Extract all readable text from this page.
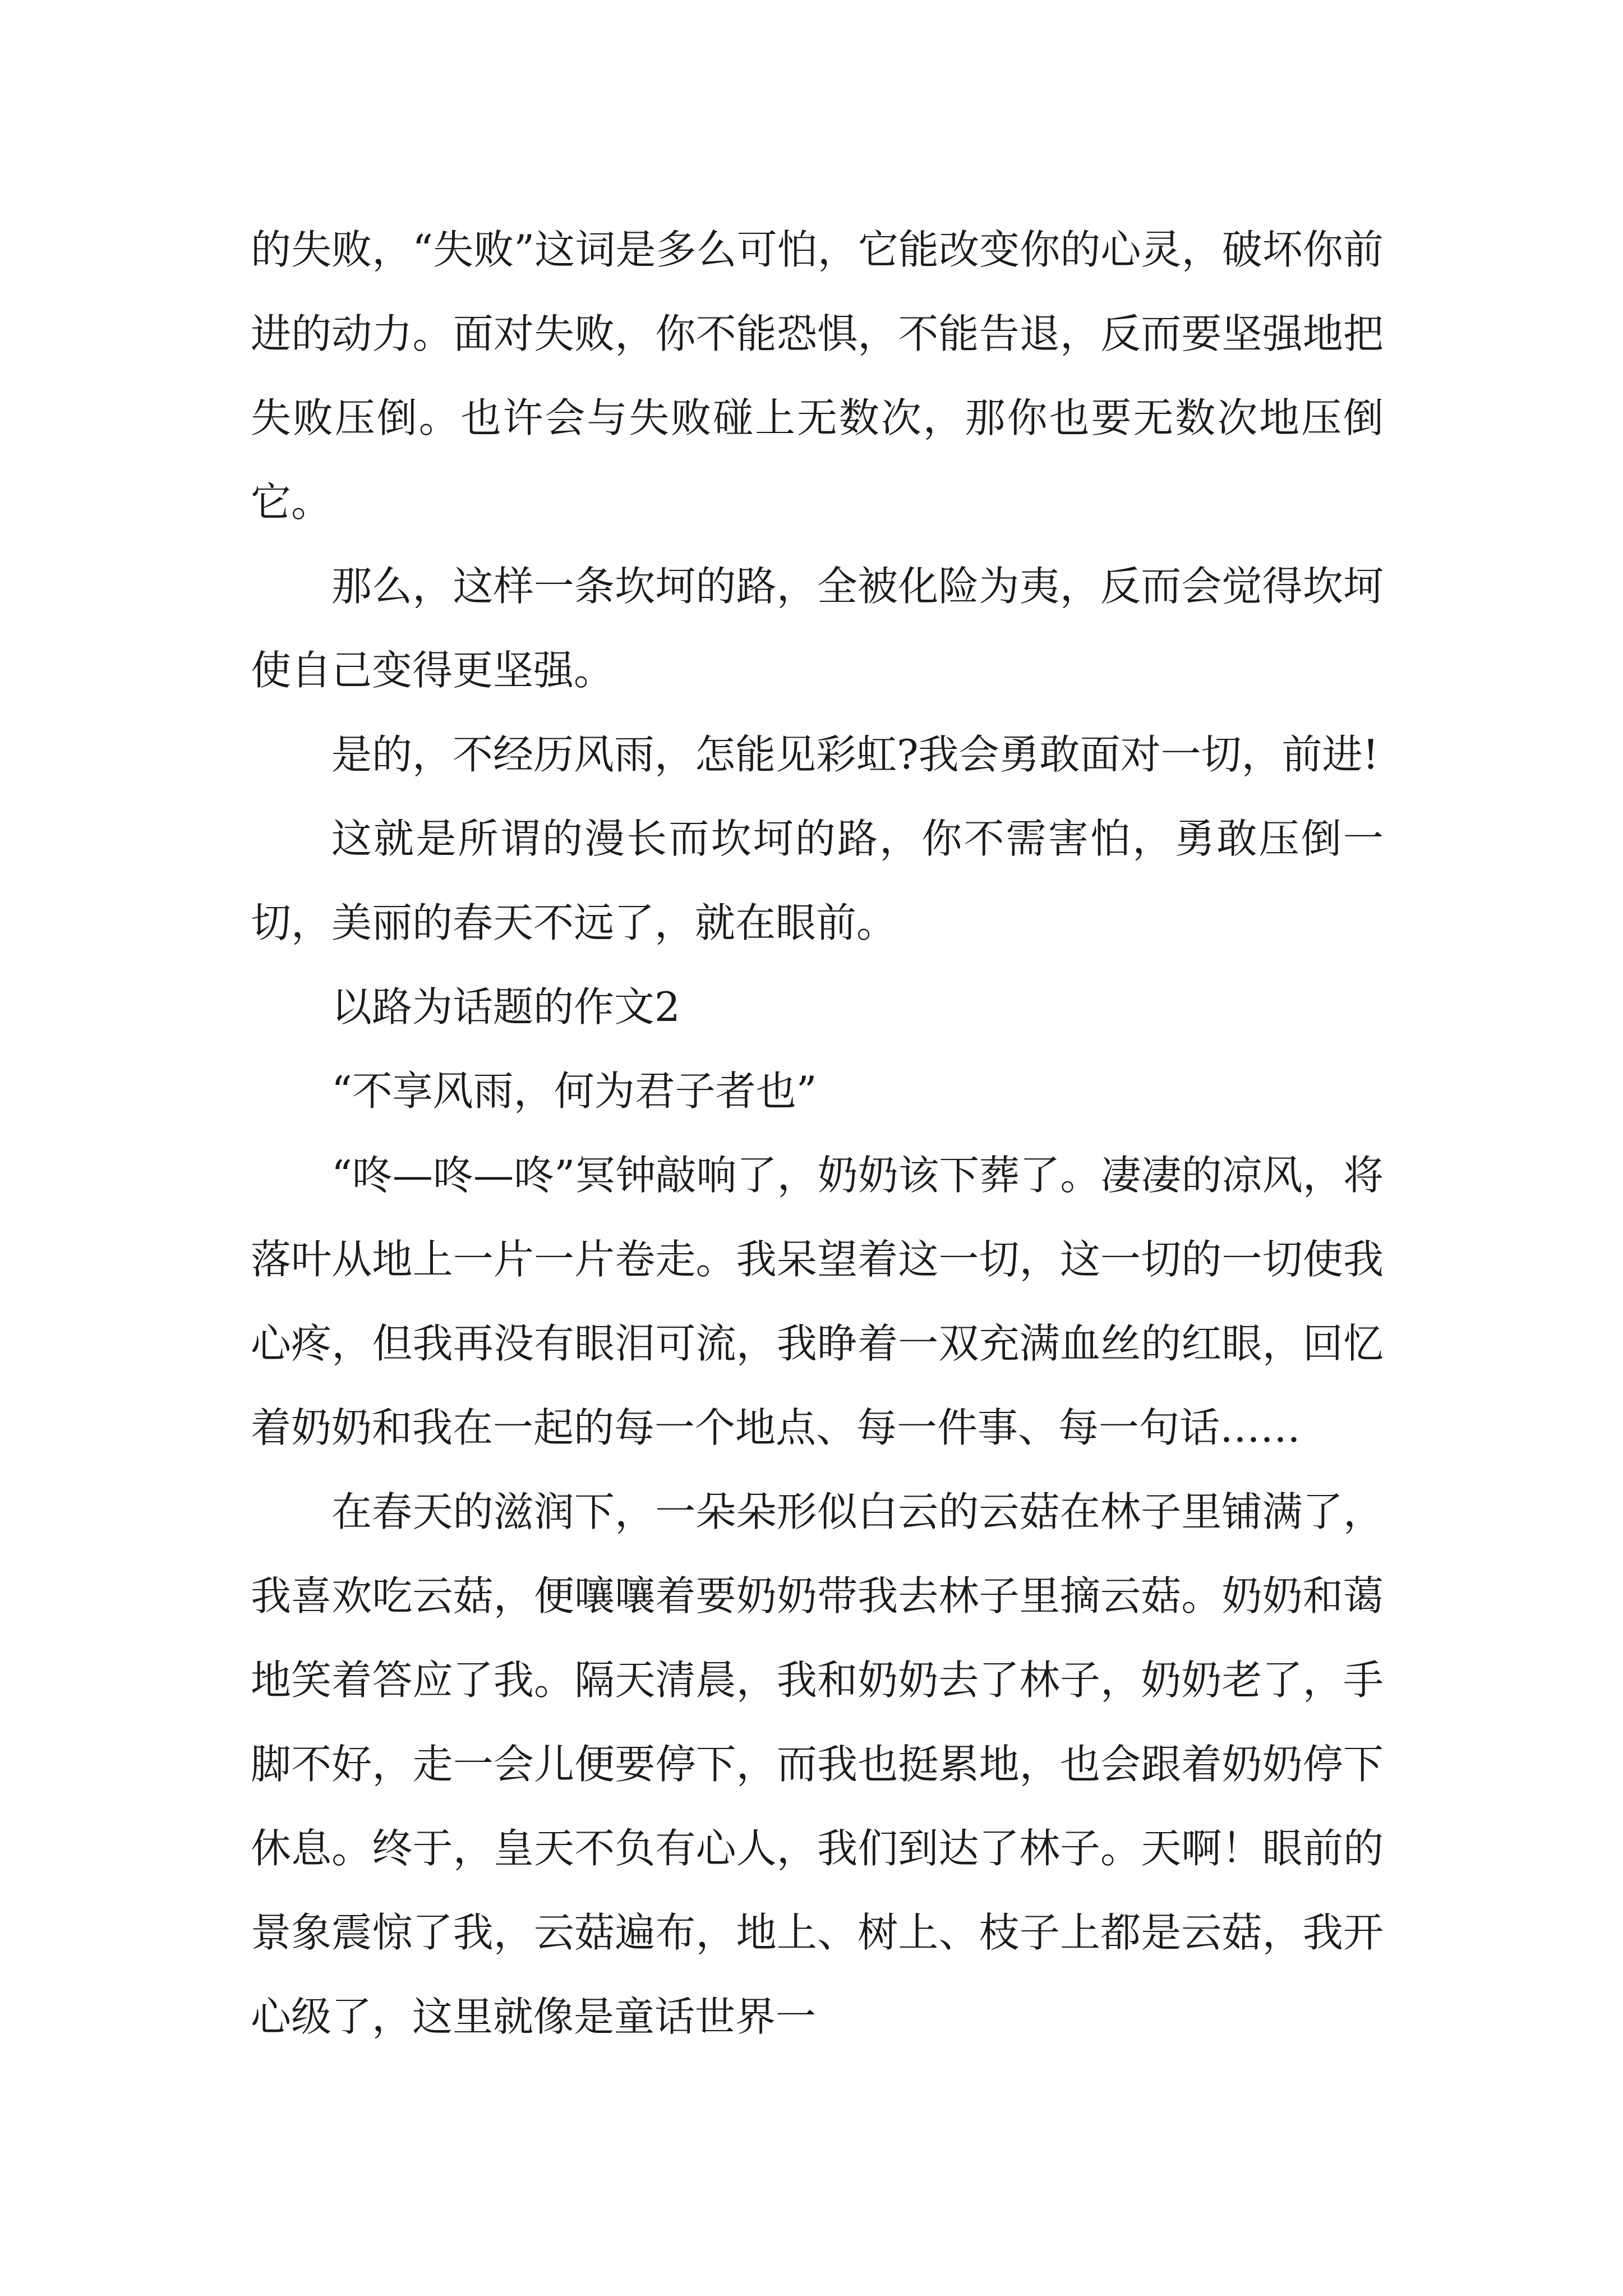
的失败，“失败”这词是多么可怕，它能改变你的心灵，破坏你前进的动力。面对失败，你不能恐惧，不能告退，反而要坚强地把失败压倒。也许会与失败碰上无数次，那你也要无数次地压倒它。

那么，这样一条坎坷的路，全被化险为夷，反而会觉得坎坷使自己变得更坚强。

是的，不经历风雨，怎能见彩虹?我会勇敢面对一切，前进!

这就是所谓的漫长而坎坷的路，你不需害怕，勇敢压倒一切，美丽的春天不远了，就在眼前。

以路为话题的作文2

“不享风雨，何为君子者也”

“咚—咚—咚”冥钟敲响了，奶奶该下葬了。凄凄的凉风，将落叶从地上一片一片卷走。我呆望着这一切，这一切的一切使我心疼，但我再没有眼泪可流，我睁着一双充满血丝的红眼，回忆着奶奶和我在一起的每一个地点、每一件事、每一句话……

在春天的滋润下，一朵朵形似白云的云菇在林子里铺满了，我喜欢吃云菇，便嚷嚷着要奶奶带我去林子里摘云菇。奶奶和蔼地笑着答应了我。隔天清晨，我和奶奶去了林子，奶奶老了，手脚不好，走一会儿便要停下，而我也挺累地，也会跟着奶奶停下休息。终于，皇天不负有心人，我们到达了林子。天啊！眼前的景象震惊了我，云菇遍布，地上、树上、枝子上都是云菇，我开心级了，这里就像是童话世界一
